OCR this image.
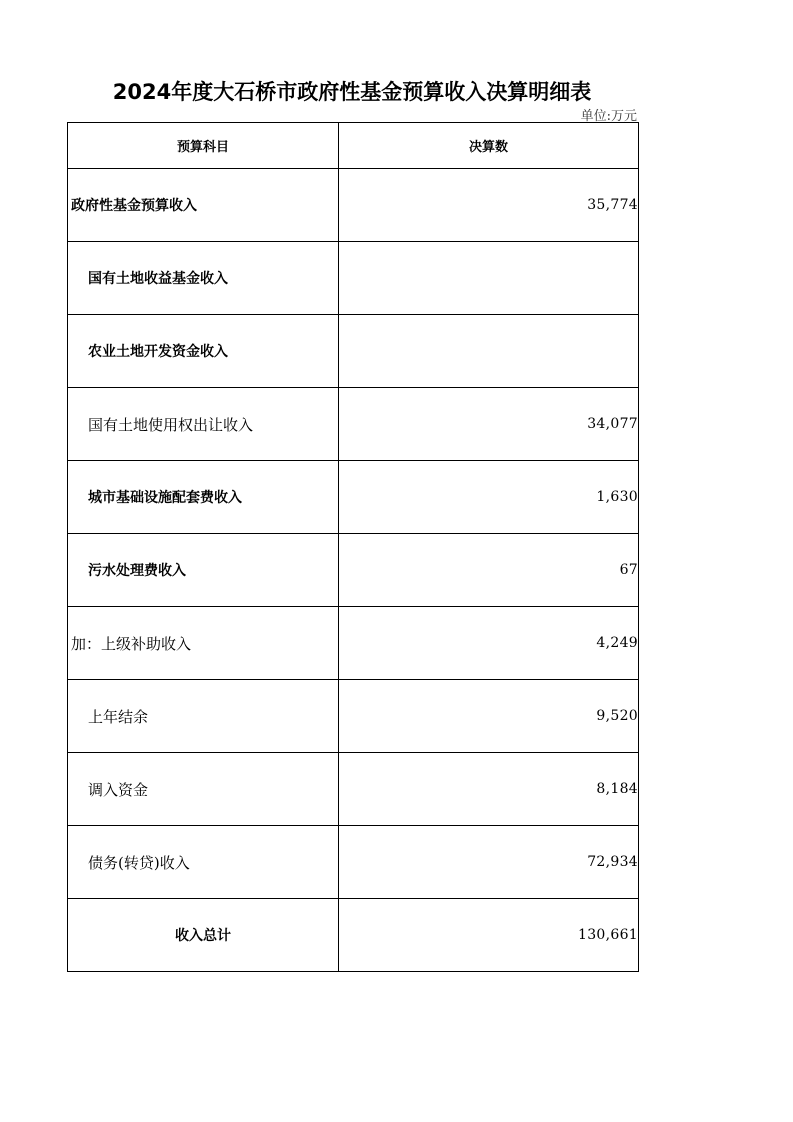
2024年度大石桥市政府性基金预算收入决算明细表
单位:万元
预算科目	决算数
政府性基金预算收入	35,774
国有土地收益基金收入	
农业土地开发资金收入	
国有土地使用权出让收入	34,077
城市基础设施配套费收入	1,630
污水处理费收入	67
加：上级补助收入	4,249
上年结余	9,520
调入资金	8,184
债务(转贷)收入	72,934
收入总计	130,661
